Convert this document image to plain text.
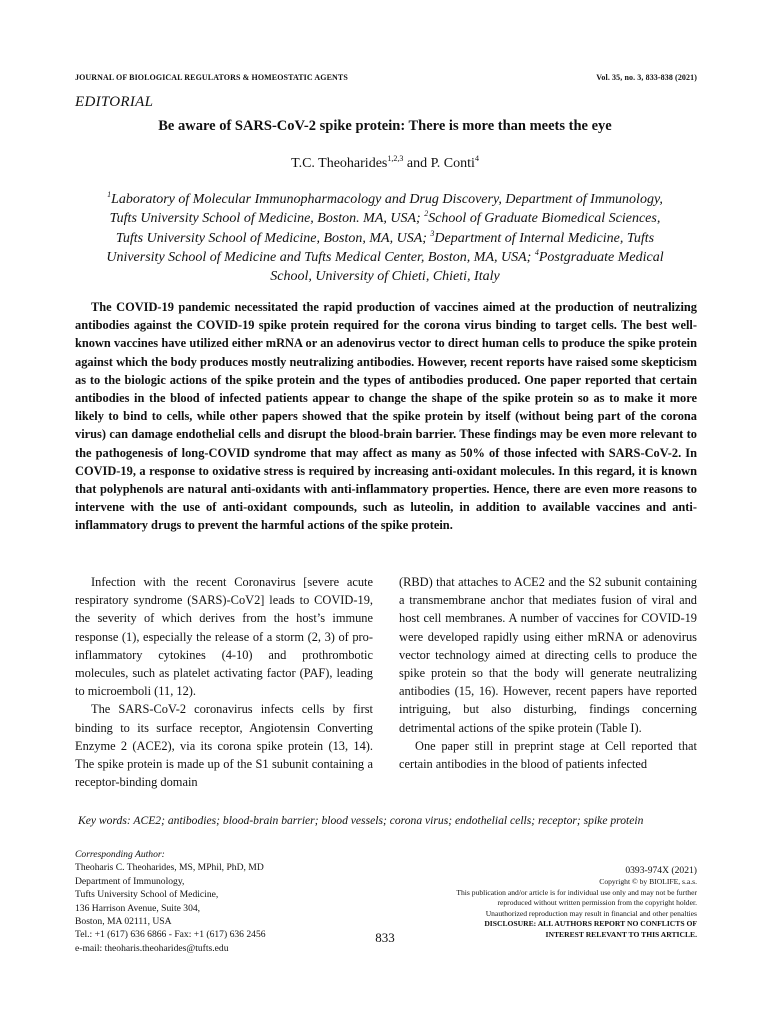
JOURNAL OF BIOLOGICAL REGULATORS & HOMEOSTATIC AGENTS	Vol. 35, no. 3, 833-838 (2021)
EDITORIAL
Be aware of SARS-CoV-2 spike protein: There is more than meets the eye
T.C. Theoharides$^{1,2,3}$ and P. Conti$^4$
$^1$Laboratory of Molecular Immunopharmacology and Drug Discovery, Department of Immunology, Tufts University School of Medicine, Boston. MA, USA; $^2$School of Graduate Biomedical Sciences, Tufts University School of Medicine, Boston, MA, USA; $^3$Department of Internal Medicine, Tufts University School of Medicine and Tufts Medical Center, Boston, MA, USA; $^4$Postgraduate Medical School, University of Chieti, Chieti, Italy

The COVID-19 pandemic necessitated the rapid production of vaccines aimed at the production of neutralizing antibodies against the COVID-19 spike protein required for the corona virus binding to target cells. The best well-known vaccines have utilized either mRNA or an adenovirus vector to direct human cells to produce the spike protein against which the body produces mostly neutralizing antibodies. However, recent reports have raised some skepticism as to the biologic actions of the spike protein and the types of antibodies produced. One paper reported that certain antibodies in the blood of infected patients appear to change the shape of the spike protein so as to make it more likely to bind to cells, while other papers showed that the spike protein by itself (without being part of the corona virus) can damage endothelial cells and disrupt the blood-brain barrier. These findings may be even more relevant to the pathogenesis of long-COVID syndrome that may affect as many as 50% of those infected with SARS-CoV-2. In COVID-19, a response to oxidative stress is required by increasing anti-oxidant molecules. In this regard, it is known that polyphenols are natural anti-oxidants with anti-inflammatory properties. Hence, there are even more reasons to intervene with the use of anti-oxidant compounds, such as luteolin, in addition to available vaccines and anti-inflammatory drugs to prevent the harmful actions of the spike protein.

Infection with the recent Coronavirus [severe acute respiratory syndrome (SARS)-CoV2] leads to COVID-19, the severity of which derives from the host’s immune response (1), especially the release of a storm (2, 3) of pro-inflammatory cytokines (4-10) and prothrombotic molecules, such as platelet activating factor (PAF), leading to microemboli (11, 12).

The SARS-CoV-2 coronavirus infects cells by first binding to its surface receptor, Angiotensin Converting Enzyme 2 (ACE2), via its corona spike protein (13, 14). The spike protein is made up of the S1 subunit containing a receptor-binding domain

(RBD) that attaches to ACE2 and the S2 subunit containing a transmembrane anchor that mediates fusion of viral and host cell membranes. A number of vaccines for COVID-19 were developed rapidly using either mRNA or adenovirus vector technology aimed at directing cells to produce the spike protein so that the body will generate neutralizing antibodies (15, 16). However, recent papers have reported intriguing, but also disturbing, findings concerning detrimental actions of the spike protein (Table I).

One paper still in preprint stage at Cell reported that certain antibodies in the blood of patients infected

Key words: ACE2; antibodies; blood-brain barrier; blood vessels; corona virus; endothelial cells; receptor; spike protein
Corresponding Author:
Theoharis C. Theoharides, MS, MPhil, PhD, MD
Department of Immunology,
Tufts University School of Medicine,
136 Harrison Avenue, Suite 304,
Boston, MA 02111, USA
Tel.: +1 (617) 636 6866 - Fax: +1 (617) 636 2456
e-mail: theoharis.theoharides@tufts.edu
833
0393-974X (2021)
Copyright © by BIOLIFE, s.a.s.
This publication and/or article is for individual use only and may not be further
reproduced without written permission from the copyright holder.
Unauthorized reproduction may result in financial and other penalties
DISCLOSURE: ALL AUTHORS REPORT NO CONFLICTS OF
INTEREST RELEVANT TO THIS ARTICLE.
